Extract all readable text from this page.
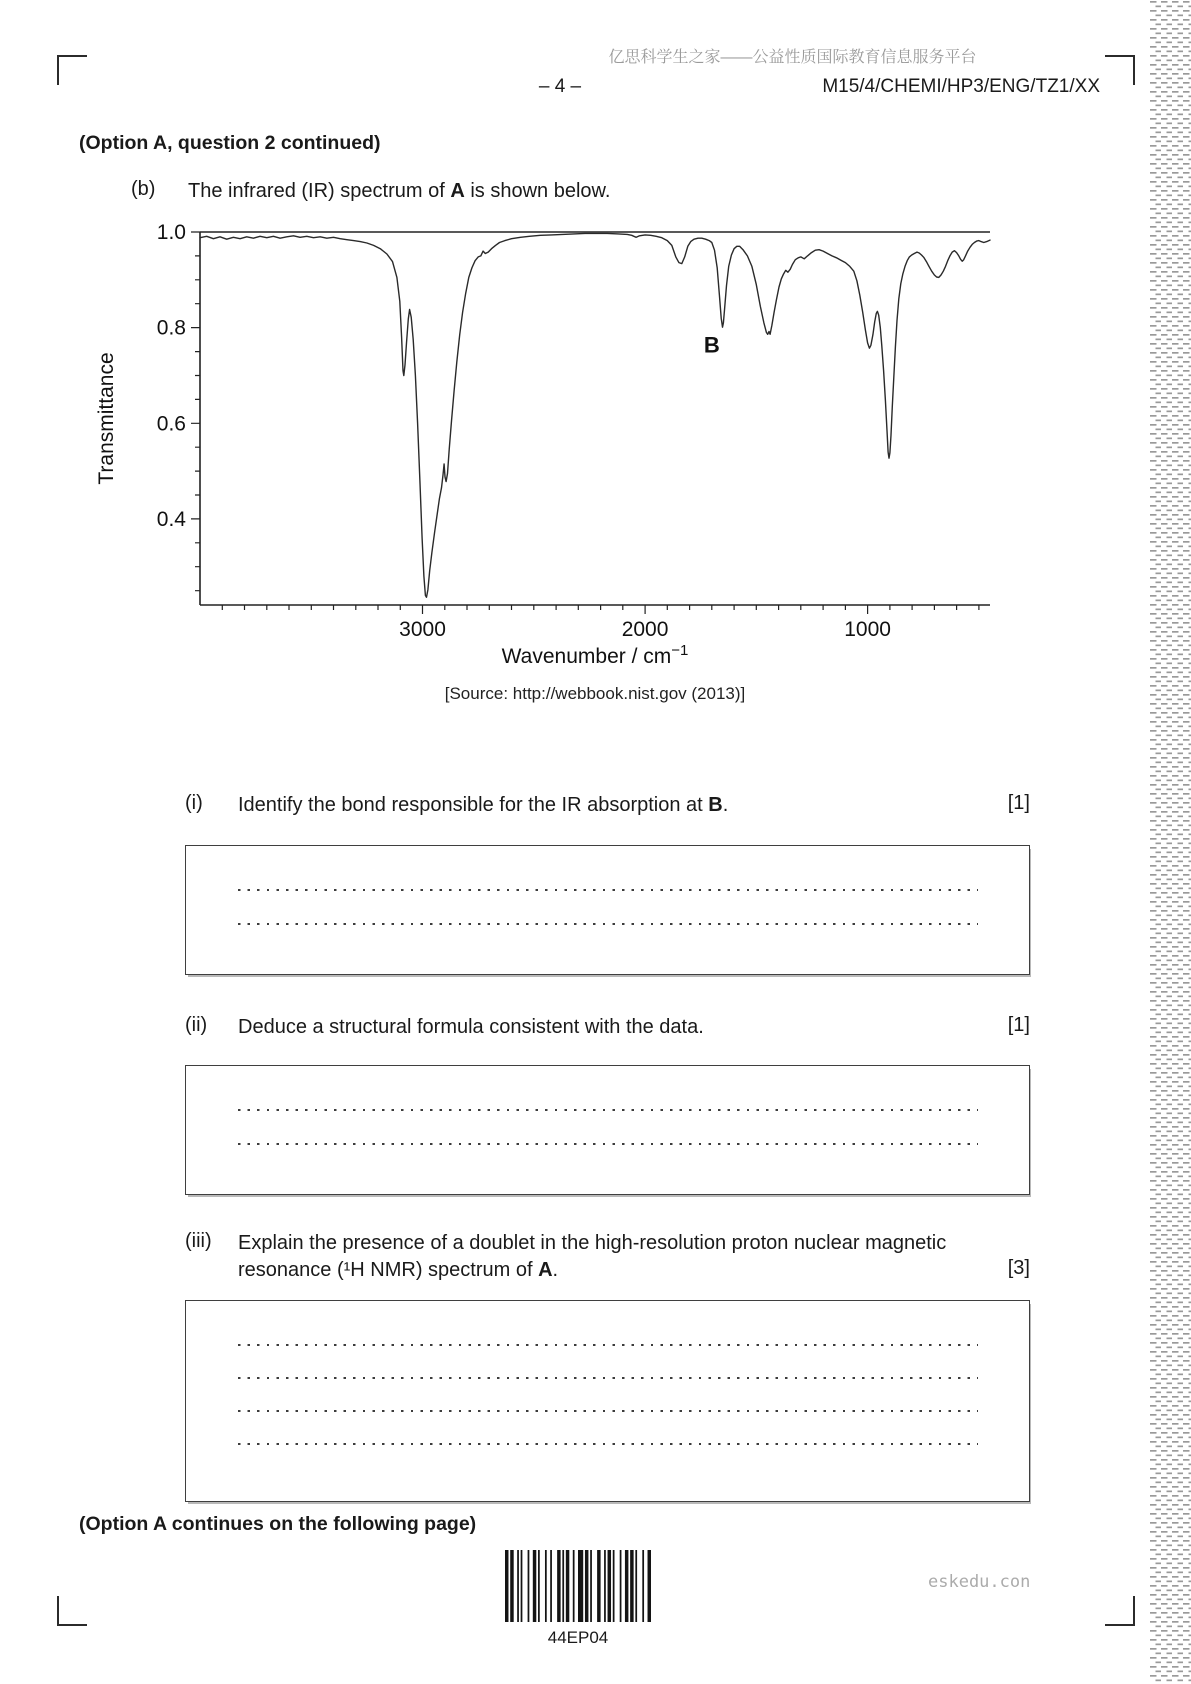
亿思科学生之家——公益性质国际教育信息服务平台
– 4 –	M15/4/CHEMI/HP3/ENG/TZ1/XX
(Option A, question 2 continued)
(b) The infrared (IR) spectrum of A is shown below.
3000	2000	1000
1.0
0.8
0.6
0.4
Wavenumber / $cm^{-1}$
Transmittance
B
[Source: http://webbook.nist.gov (2013)]
(i) Identify the bond responsible for the IR absorption at B.	[1]
(ii) Deduce a structural formula consistent with the data.	[1]
(iii) Explain the presence of a doublet in the high-resolution proton nuclear magnetic resonance (¹H NMR) spectrum of A.	[3]
(Option A continues on the following page)
44EP04
eskedu.con
